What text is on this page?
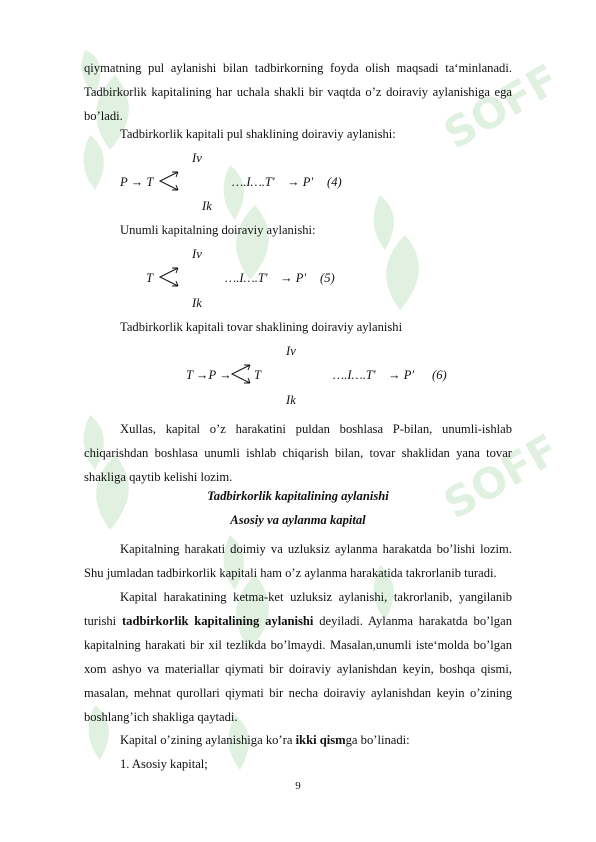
SOFF
SOFF
qiymatning pul aylanishi bilan tadbirkorning foyda olish maqsadi ta‘minlanadi. Tadbirkorlik kapitalining har uchala shakli bir vaqtda o’z doiraviy aylanishiga ega bo’ladi.
Tadbirkorlik kapitali pul shaklining doiraviy aylanishi:
Iv
P → T	….I….T' → P' (4)
Ik
Unumli kapitalning doiraviy aylanishi:
Iv
T	….I….T' → P' (5)
Ik
Tadbirkorlik kapitali tovar shaklining doiraviy aylanishi
Iv
T →P → T	….I….T' → P' (6)
Ik
Xullas, kapital o’z harakatini puldan boshlasa P-bilan, unumli-ishlab chiqarishdan boshlasa unumli ishlab chiqarish bilan, tovar shaklidan yana tovar shakliga qaytib kelishi lozim.
Tadbirkorlik kapitalining aylanishi
Asosiy va aylanma kapital
Kapitalning harakati doimiy va uzluksiz aylanma harakatda bo’lishi lozim. Shu jumladan tadbirkorlik kapitali ham o’z aylanma harakatida takrorlanib turadi.
Kapital harakatining ketma-ket uzluksiz aylanishi, takrorlanib, yangilanib turishi tadbirkorlik kapitalining aylanishi deyiladi. Aylanma harakatda bo’lgan kapitalning harakati bir xil tezlikda bo’lmaydi. Masalan,unumli iste‘molda bo’lgan xom ashyo va materiallar qiymati bir doiraviy aylanishdan keyin, boshqa qismi, masalan, mehnat qurollari qiymati bir necha doiraviy aylanishdan keyin o’zining boshlang’ich shakliga qaytadi.
Kapital o’zining aylanishiga ko’ra ikki qismga bo’linadi:
1. Asosiy kapital;
9
